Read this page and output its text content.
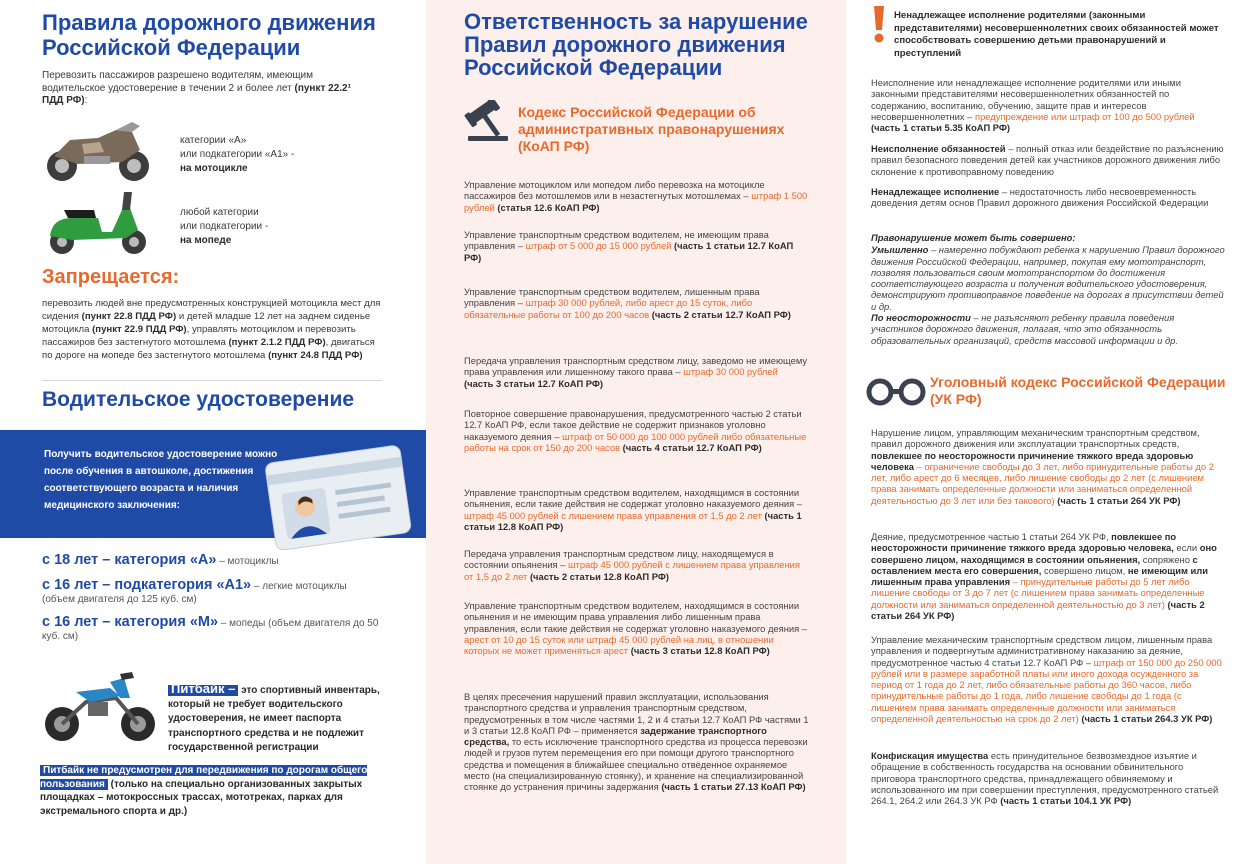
Правила дорожного движения Российской Федерации

Перевозить пассажиров разрешено водителям, имеющим водительское удостоверение в течении 2 и более лет (пункт 22.2¹ ПДД РФ):

категории «А»
или подкатегории «А1» -
на мотоцикле
любой категории
или подкатегории -
на мопеде
Запрещается:

перевозить людей вне предусмотренных конструкцией мотоцикла мест для сидения (пункт 22.8 ПДД РФ) и детей младше 12 лет на заднем сиденье мотоцикла (пункт 22.9 ПДД РФ), управлять мотоциклом и перевозить пассажиров без застегнутого мотошлема (пункт 2.1.2 ПДД РФ), двигаться по дороге на мопеде без застегнутого мотошлема (пункт 24.8 ПДД РФ)

Водительское удостоверение

Получить водительское удостоверение можно после обучения в автошколе, достижения соответствующего возраста и наличия медицинского заключения:

с 18 лет – категория «А» – мотоциклы

с 16 лет – подкатегория «А1» – легкие мотоциклы
(объем двигателя до 125 куб. см)

с 16 лет – категория «М» – мопеды (объем двигателя до 50 куб. см)

Питбайк – это спортивный инвентарь, который не требует водительского удостоверения, не имеет паспорта транспортного средства и не подлежит государственной регистрации

Питбайк не предусмотрен для передвижения по дорогам общего пользования (только на специально организованных закрытых площадках – мотокроссных трассах, мототреках, парках для экстремального спорта и др.)

Ответственность за нарушение Правил дорожного движения Российской Федерации
Кодекс Российской Федерации об административных правонарушениях (КоАП РФ)

Управление мотоциклом или мопедом либо перевозка на мотоцикле пассажиров без мотошлемов или в незастегнутых мотошлемах – штраф 1 500 рублей (статья 12.6 КоАП РФ)

Управление транспортным средством водителем, не имеющим права управления – штраф от 5 000 до 15 000 рублей (часть 1 статьи 12.7 КоАП РФ)

Управление транспортным средством водителем, лишенным права управления – штраф 30 000 рублей, либо арест до 15 суток, либо обязательные работы от 100 до 200 часов (часть 2 статьи 12.7 КоАП РФ)

Передача управления транспортным средством лицу, заведомо не имеющему права управления или лишенному такого права – штраф 30 000 рублей (часть 3 статьи 12.7 КоАП РФ)

Повторное совершение правонарушения, предусмотренного частью 2 статьи 12.7 КоАП РФ, если такое действие не содержит признаков уголовно наказуемого деяния – штраф от 50 000 до 100 000 рублей либо обязательные работы на срок от 150 до 200 часов (часть 4 статьи 12.7 КоАП РФ)

Управление транспортным средством водителем, находящимся в состоянии опьянения, если такие действия не содержат уголовно наказуемого деяния – штраф 45 000 рублей с лишением права управления от 1,5 до 2 лет (часть 1 статьи 12.8 КоАП РФ)

Передача управления транспортным средством лицу, находящемуся в состоянии опьянения – штраф 45 000 рублей с лишением права управления от 1,5 до 2 лет (часть 2 статьи 12.8 КоАП РФ)

Управление транспортным средством водителем, находящимся в состоянии опьянения и не имеющим права управления либо лишенным права управления, если такие действия не содержат уголовно наказуемого деяния – арест от 10 до 15 суток или штраф 45 000 рублей на лиц, в отношении которых не может применяться арест (часть 3 статьи 12.8 КоАП РФ)

В целях пресечения нарушений правил эксплуатации, использования транспортного средства и управления транспортным средством, предусмотренных в том числе частями 1, 2 и 4 статьи 12.7 КоАП РФ частями 1 и 3 статьи 12.8 КоАП РФ – применяется задержание транспортного средства, то есть исключение транспортного средства из процесса перевозки людей и грузов путем перемещения его при помощи другого транспортного средства и помещения в ближайшее специально отведенное охраняемое место (на специализированную стоянку), и хранение на специализированной стоянке до устранения причины задержания (часть 1 статьи 27.13 КоАП РФ)

Ненадлежащее исполнение родителями (законными представителями) несовершеннолетних своих обязанностей может способствовать совершению детьми правонарушений и преступлений

Неисполнение или ненадлежащее исполнение родителями или иными законными представителями несовершеннолетних обязанностей по содержанию, воспитанию, обучению, защите прав и интересов несовершеннолетних – предупреждение или штраф от 100 до 500 рублей (часть 1 статьи 5.35 КоАП РФ)

Неисполнение обязанностей – полный отказ или бездействие по разъяснению правил безопасного поведения детей как участников дорожного движения либо склонение к противоправному поведению

Ненадлежащее исполнение – недостаточность либо несвоевременность доведения детям основ Правил дорожного движения Российской Федерации

Правонарушение может быть совершено:
Умышленно – намеренно побуждают ребенка к нарушению Правил дорожного движения Российской Федерации, например, покупая ему мототранспорт, позволяя пользоваться своим мототранспортом до достижения соответствующего возраста и получения водительского удостоверения, демонстрируют противоправное поведение на дорогах в присутствии детей и др.
По неосторожности – не разъясняют ребенку правила поведения участников дорожного движения, полагая, что это обязанность образовательных организаций, средств массовой информации и др.
Уголовный кодекс Российской Федерации (УК РФ)

Нарушение лицом, управляющим механическим транспортным средством, правил дорожного движения или эксплуатации транспортных средств, повлекшее по неосторожности причинение тяжкого вреда здоровью человека – ограничение свободы до 3 лет, либо принудительные работы до 2 лет, либо арест до 6 месяцев, либо лишение свободы до 2 лет (с лишением права занимать определенные должности или заниматься определенной деятельностью до 3 лет или без такового) (часть 1 статьи 264 УК РФ)

Деяние, предусмотренное частью 1 статьи 264 УК РФ, повлекшее по неосторожности причинение тяжкого вреда здоровью человека, если оно совершено лицом, находящимся в состоянии опьянения, сопряжено с оставлением места его совершения, совершено лицом, не имеющим или лишенным права управления – принудительные работы до 5 лет либо лишение свободы от 3 до 7 лет (с лишением права занимать определенные должности или заниматься определенной деятельностью до 3 лет) (часть 2 статьи 264 УК РФ)

Управление механическим транспортным средством лицом, лишенным права управления и подвергнутым административному наказанию за деяние, предусмотренное частью 4 статьи 12.7 КоАП РФ – штраф от 150 000 до 250 000 рублей или в размере заработной платы или иного дохода осужденного за период от 1 года до 2 лет, либо обязательные работы до 360 часов, либо принудительные работы до 1 года, либо лишение свободы до 1 года (с лишением права занимать определенные должности или заниматься определенной деятельностью на срок до 2 лет) (часть 1 статьи 264.3 УК РФ)

Конфискация имущества есть принудительное безвозмездное изъятие и обращение в собственность государства на основании обвинительного приговора транспортного средства, принадлежащего обвиняемому и использованного им при совершении преступления, предусмотренного статьей 264.1, 264.2 или 264.3 УК РФ (часть 1 статьи 104.1 УК РФ)
